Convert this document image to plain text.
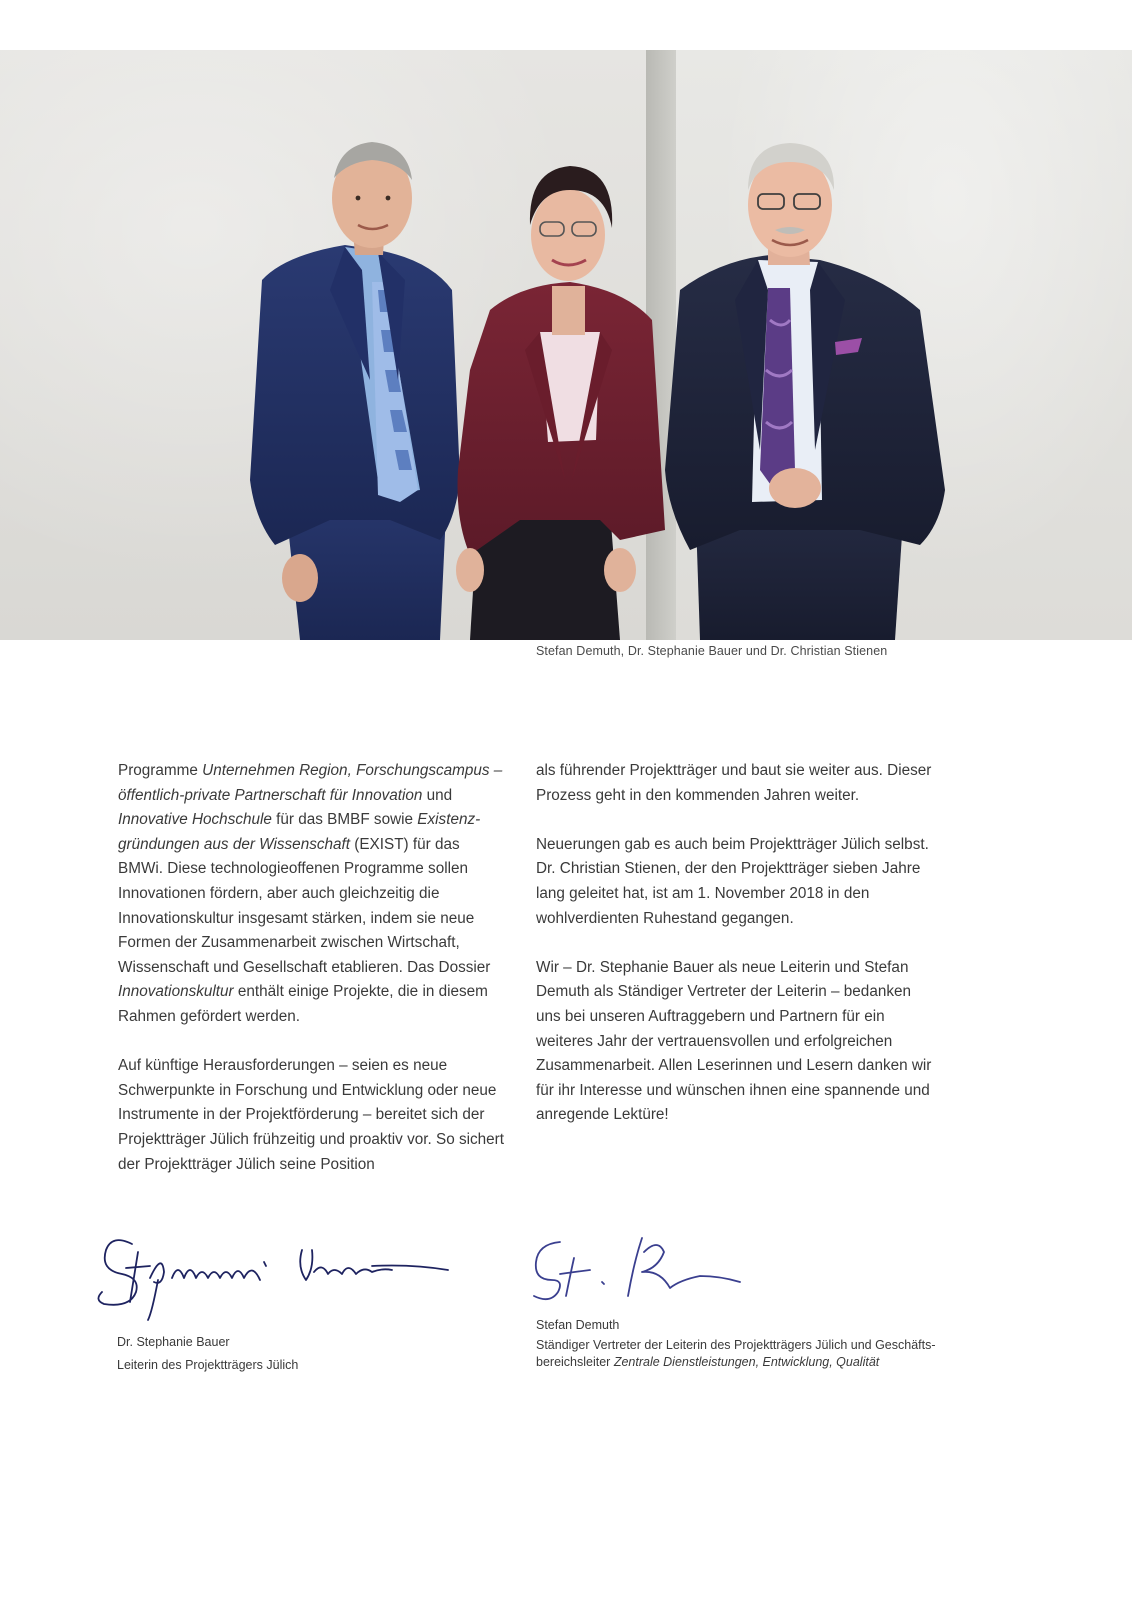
Stefan Demuth, Dr. Stephanie Bauer und Dr. Christian Stienen

Programme Unternehmen Region, Forschungscampus – öffentlich-private Partnerschaft für Innovation und Innovative Hochschule für das BMBF sowie Existenzgründungen aus der Wissenschaft (EXIST) für das BMWi. Diese technologieoffenen Programme sollen Innovationen fördern, aber auch gleichzeitig die Innovationskultur insgesamt stärken, indem sie neue Formen der Zusammenarbeit zwischen Wirtschaft, Wissenschaft und Gesellschaft etablieren. Das Dossier Innovationskultur enthält einige Projekte, die in diesem Rahmen gefördert werden.

Auf künftige Herausforderungen – seien es neue Schwerpunkte in Forschung und Entwicklung oder neue Instrumente in der Projektförderung – bereitet sich der Projektträger Jülich frühzeitig und proaktiv vor. So sichert der Projektträger Jülich seine Position

als führender Projektträger und baut sie weiter aus. Dieser Prozess geht in den kommenden Jahren weiter.

Neuerungen gab es auch beim Projektträger Jülich selbst. Dr. Christian Stienen, der den Projektträger sieben Jahre lang geleitet hat, ist am 1. November 2018 in den wohlverdienten Ruhestand gegangen.

Wir – Dr. Stephanie Bauer als neue Leiterin und Stefan Demuth als Ständiger Vertreter der Leiterin – bedanken uns bei unseren Auftraggebern und Partnern für ein weiteres Jahr der vertrauensvollen und erfolgreichen Zusammenarbeit. Allen Leserinnen und Lesern danken wir für ihr Interesse und wünschen ihnen eine spannende und anregende Lektüre!

Dr. Stephanie Bauer
Leiterin des Projektträgers Jülich
Stefan Demuth
Ständiger Vertreter der Leiterin des Projektträgers Jülich und Geschäfts-
bereichsleiter Zentrale Dienstleistungen, Entwicklung, Qualität
